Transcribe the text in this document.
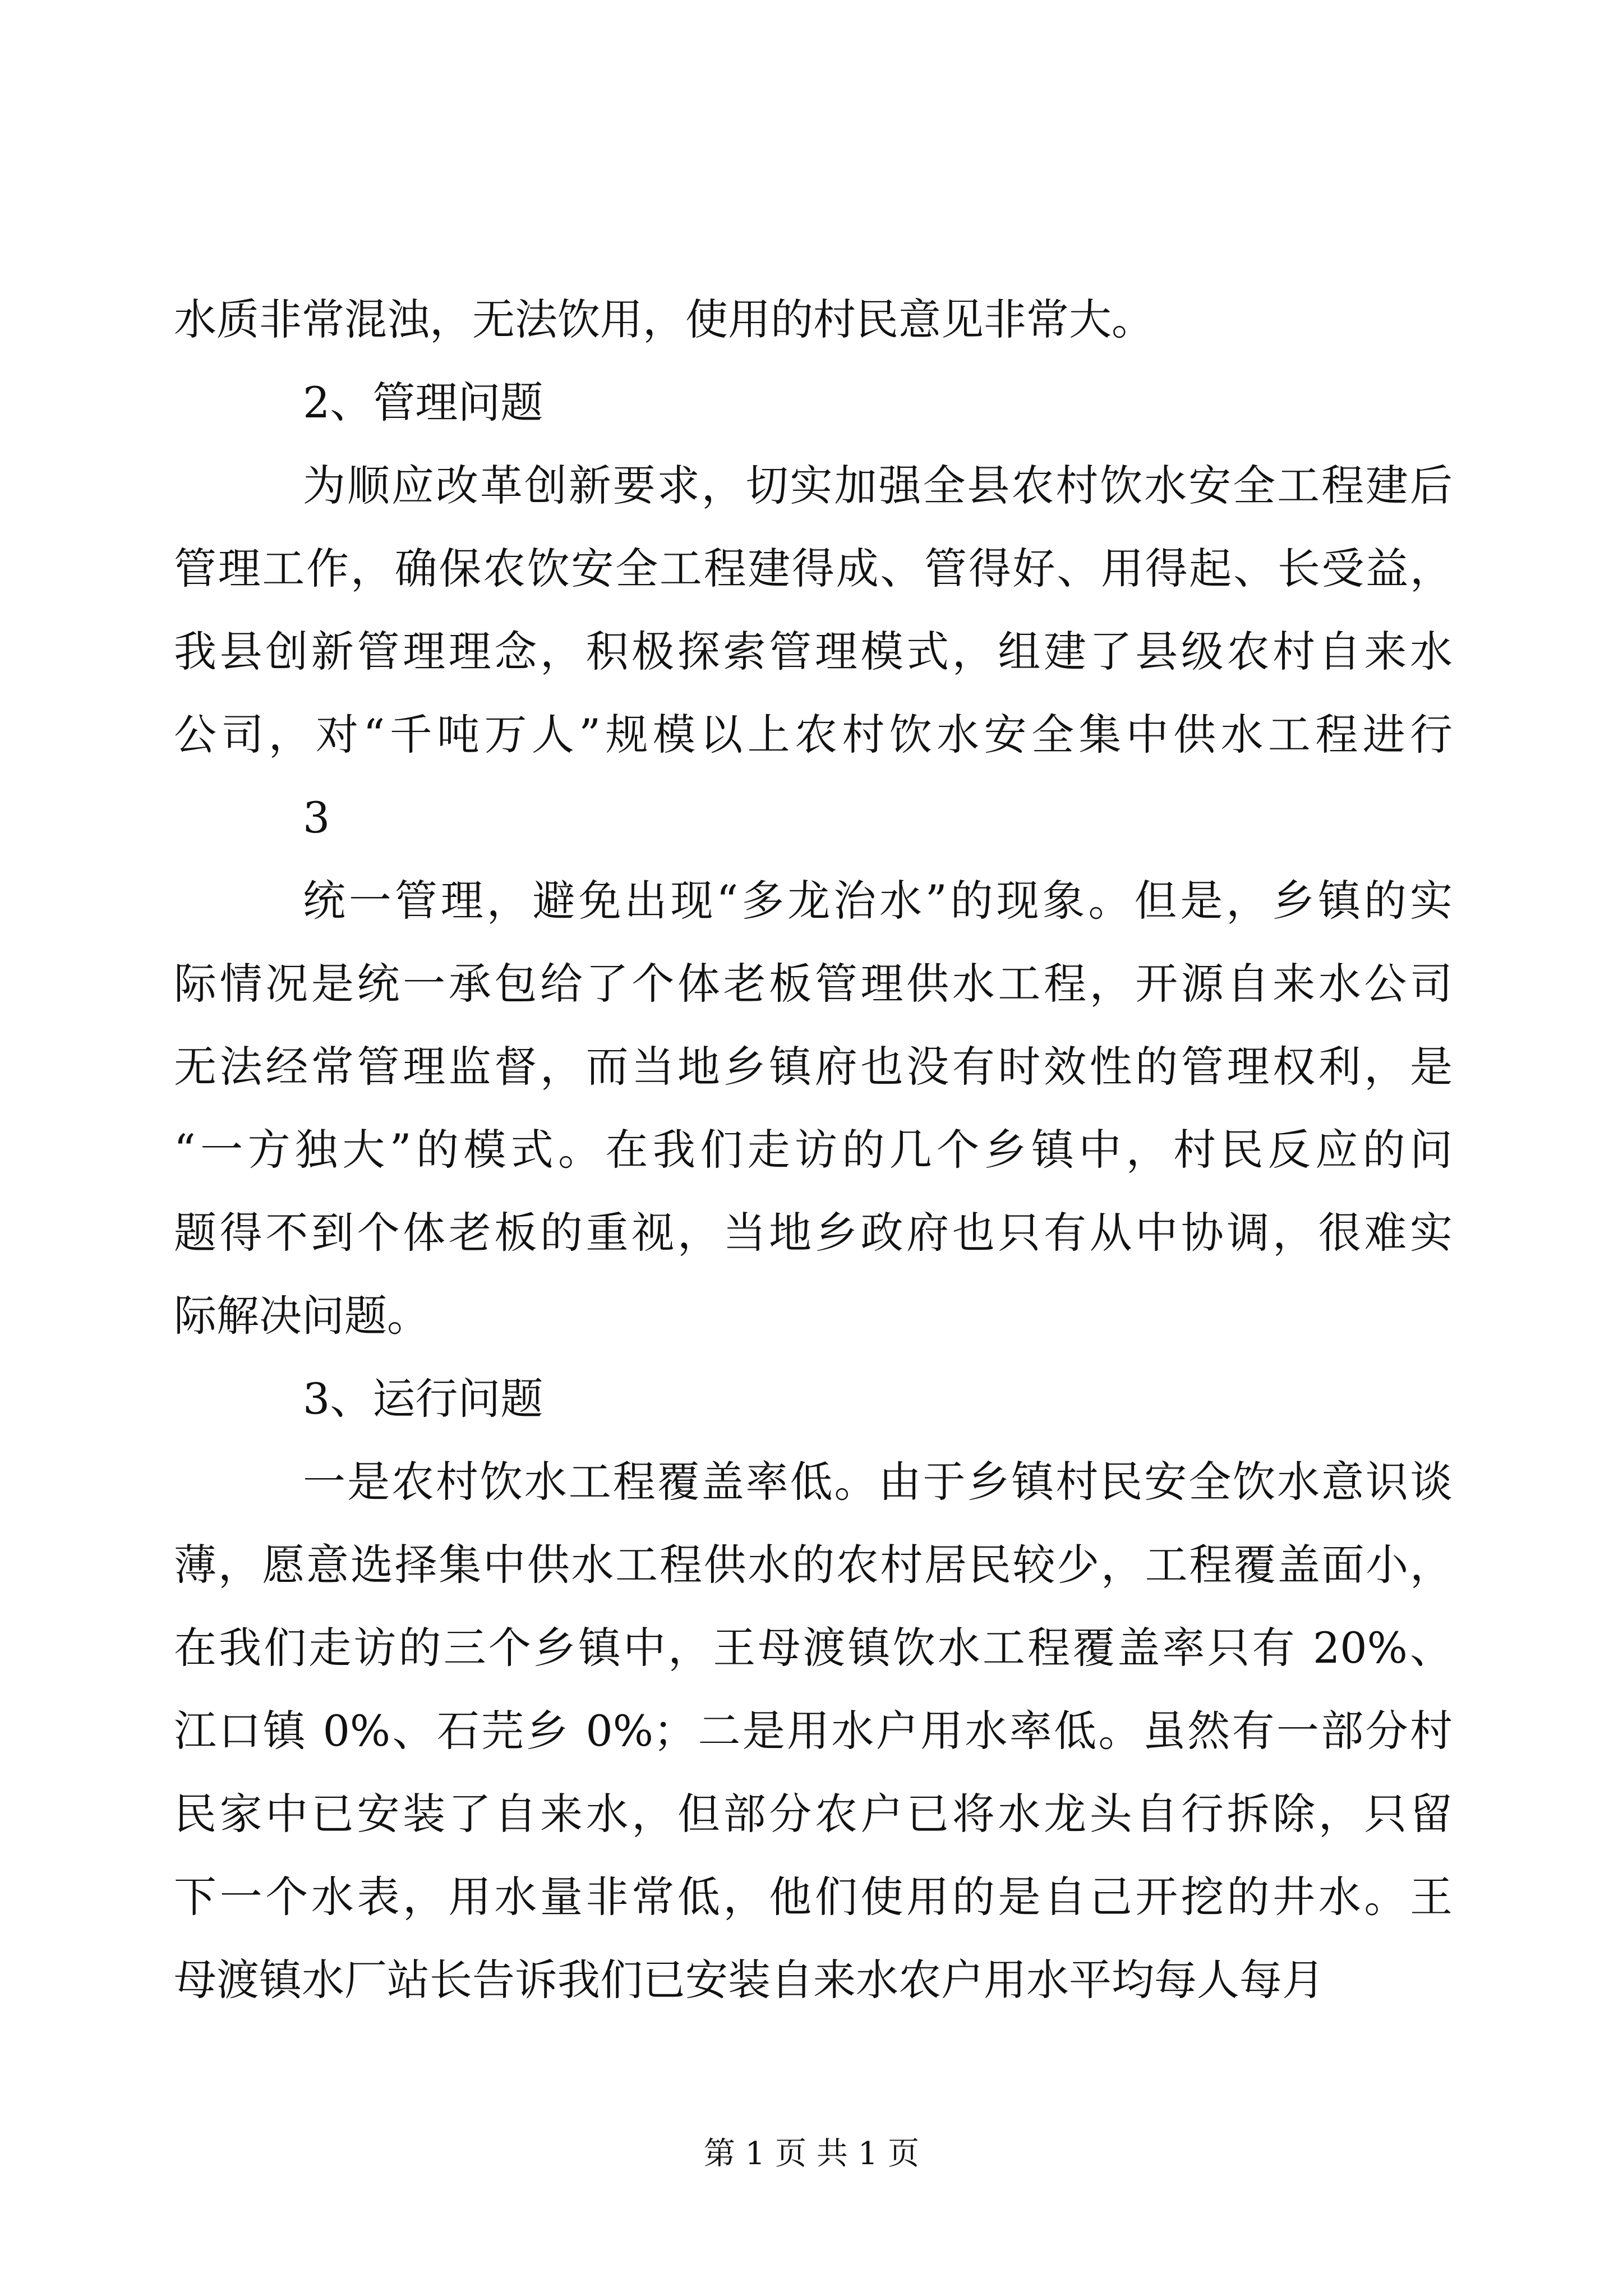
水质非常混浊，无法饮用，使用的村民意见非常大。
2、管理问题
为顺应改革创新要求，切实加强全县农村饮水安全工程建后
管理工作，确保农饮安全工程建得成、管得好、用得起、长受益，
我县创新管理理念，积极探索管理模式，组建了县级农村自来水
公司，对“千吨万人”规模以上农村饮水安全集中供水工程进行
3
统一管理，避免出现“多龙治水”的现象。但是，乡镇的实
际情况是统一承包给了个体老板管理供水工程，开源自来水公司
无法经常管理监督，而当地乡镇府也没有时效性的管理权利，是
“一方独大”的模式。在我们走访的几个乡镇中，村民反应的问
题得不到个体老板的重视，当地乡政府也只有从中协调，很难实
际解决问题。
3、运行问题
一是农村饮水工程覆盖率低。由于乡镇村民安全饮水意识谈
薄，愿意选择集中供水工程供水的农村居民较少，工程覆盖面小，
在我们走访的三个乡镇中，王母渡镇饮水工程覆盖率只有 20%、
江口镇 0%、石芫乡 0%；二是用水户用水率低。虽然有一部分村
民家中已安装了自来水，但部分农户已将水龙头自行拆除，只留
下一个水表，用水量非常低，他们使用的是自己开挖的井水。王
母渡镇水厂站长告诉我们已安装自来水农户用水平均每人每月
第 1 页 共 1 页
